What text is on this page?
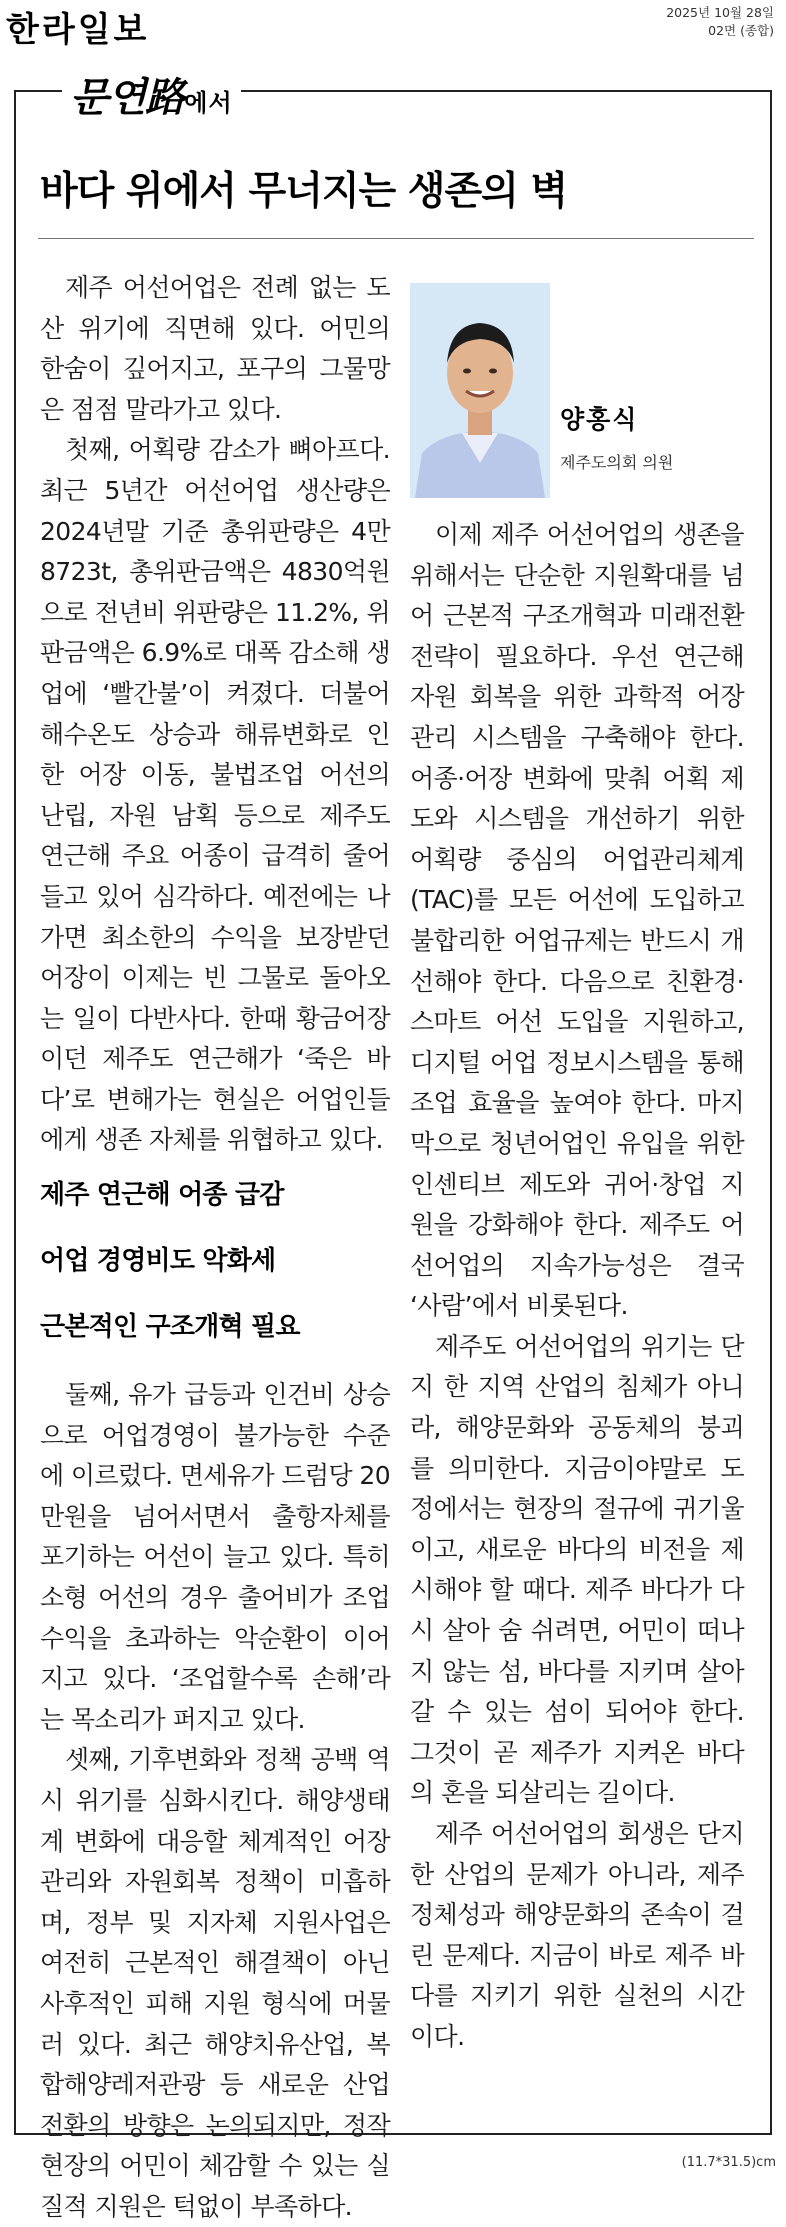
한라일보	2025년 10월 28일
02면 (종합)
문연路에서
바다 위에서 무너지는 생존의 벽

제주 어선어업은 전례 없는 도산 위기에 직면해 있다. 어민의 한숨이 깊어지고, 포구의 그물망은 점점 말라가고 있다.

첫째, 어획량 감소가 뼈아프다. 최근 5년간 어선어업 생산량은 2024년말 기준 총위판량은 4만8723t, 총위판금액은 4830억원으로 전년비 위판량은 11.2%, 위판금액은 6.9%로 대폭 감소해 생업에 ‘빨간불’이 켜졌다. 더불어 해수온도 상승과 해류변화로 인한 어장 이동, 불법조업 어선의 난립, 자원 남획 등으로 제주도 연근해 주요 어종이 급격히 줄어들고 있어 심각하다. 예전에는 나가면 최소한의 수익을 보장받던 어장이 이제는 빈 그물로 돌아오는 일이 다반사다. 한때 황금어장이던 제주도 연근해가 ‘죽은 바다’로 변해가는 현실은 어업인들에게 생존 자체를 위협하고 있다.

제주 연근해 어종 급감
어업 경영비도 악화세
근본적인 구조개혁 필요

둘째, 유가 급등과 인건비 상승으로 어업경영이 불가능한 수준에 이르렀다. 면세유가 드럼당 20만원을 넘어서면서 출항자체를 포기하는 어선이 늘고 있다. 특히 소형 어선의 경우 출어비가 조업 수익을 초과하는 악순환이 이어지고 있다. ‘조업할수록 손해’라는 목소리가 퍼지고 있다.

셋째, 기후변화와 정책 공백 역시 위기를 심화시킨다. 해양생태계 변화에 대응할 체계적인 어장관리와 자원회복 정책이 미흡하며, 정부 및 지자체 지원사업은 여전히 근본적인 해결책이 아닌 사후적인 피해 지원 형식에 머물러 있다. 최근 해양치유산업, 복합해양레저관광 등 새로운 산업 전환의 방향은 논의되지만, 정작 현장의 어민이 체감할 수 있는 실질적 지원은 턱없이 부족하다.

양홍식
제주도의회 의원

이제 제주 어선어업의 생존을 위해서는 단순한 지원확대를 넘어 근본적 구조개혁과 미래전환 전략이 필요하다. 우선 연근해 자원 회복을 위한 과학적 어장 관리 시스템을 구축해야 한다. 어종·어장 변화에 맞춰 어획 제도와 시스템을 개선하기 위한 어획량 중심의 어업관리체계(TAC)를 모든 어선에 도입하고 불합리한 어업규제는 반드시 개선해야 한다. 다음으로 친환경·스마트 어선 도입을 지원하고, 디지털 어업 정보시스템을 통해 조업 효율을 높여야 한다. 마지막으로 청년어업인 유입을 위한 인센티브 제도와 귀어·창업 지원을 강화해야 한다. 제주도 어선어업의 지속가능성은 결국 ‘사람’에서 비롯된다.

제주도 어선어업의 위기는 단지 한 지역 산업의 침체가 아니라, 해양문화와 공동체의 붕괴를 의미한다. 지금이야말로 도정에서는 현장의 절규에 귀기울이고, 새로운 바다의 비전을 제시해야 할 때다. 제주 바다가 다시 살아 숨 쉬려면, 어민이 떠나지 않는 섬, 바다를 지키며 살아갈 수 있는 섬이 되어야 한다. 그것이 곧 제주가 지켜온 바다의 혼을 되살리는 길이다.

제주 어선어업의 회생은 단지 한 산업의 문제가 아니라, 제주 정체성과 해양문화의 존속이 걸린 문제다. 지금이 바로 제주 바다를 지키기 위한 실천의 시간이다.

(11.7*31.5)cm
